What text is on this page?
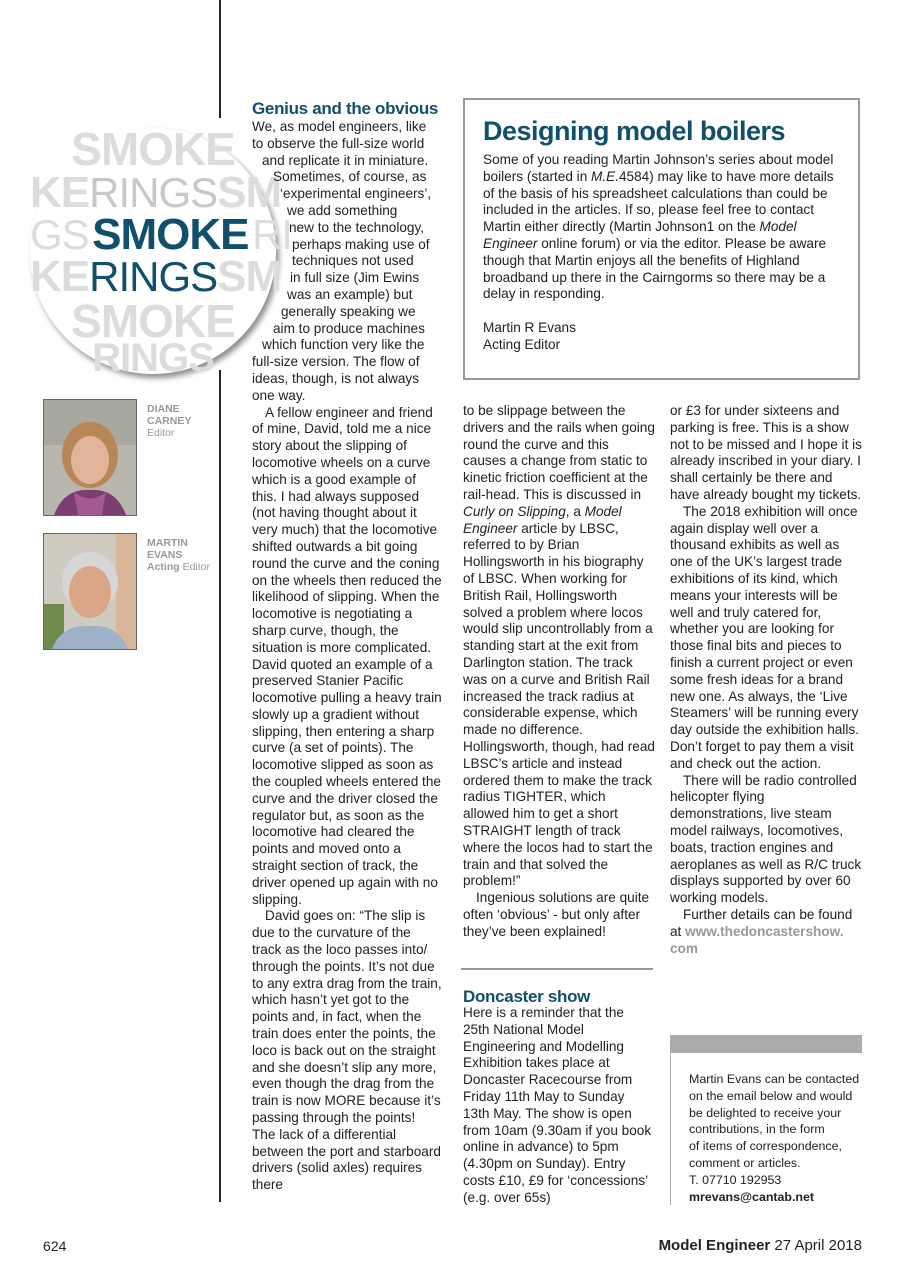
SMOKE
KERINGSSM
GS SMOKE RI
KERINGSSM
SMOKE
RINGS
DIANE
CARNEY
Editor
MARTIN
EVANS
Acting Editor
Genius and the obvious

We, as model engineers, like

to observe the full-size world

and replicate it in miniature.

Sometimes, of course, as

‘experimental engineers’,

we add something

new to the technology,

perhaps making use of

techniques not used

in full size (Jim Ewins

was an example) but

generally speaking we

aim to produce machines

which function very like the

full-size version. The flow of

ideas, though, is not always

one way.

A fellow engineer and friend of mine, David, told me a nice story about the slipping of locomotive wheels on a curve which is a good example of this. I had always supposed (not having thought about it very much) that the locomotive shifted outwards a bit going round the curve and the coning on the wheels then reduced the likelihood of slipping. When the locomotive is negotiating a sharp curve, though, the situation is more complicated. David quoted an example of a preserved Stanier Pacific locomotive pulling a heavy train slowly up a gradient without slipping, then entering a sharp curve (a set of points). The locomotive slipped as soon as the coupled wheels entered the curve and the driver closed the regulator but, as soon as the locomotive had cleared the points and moved onto a straight section of track, the driver opened up again with no slipping.

David goes on: “The slip is due to the curvature of the track as the loco passes into/ through the points. It’s not due to any extra drag from the train, which hasn’t yet got to the points and, in fact, when the train does enter the points, the loco is back out on the straight and she doesn’t slip any more, even though the drag from the train is now MORE because it’s passing through the points! The lack of a differential between the port and starboard drivers (solid axles) requires there

Designing model boilers
Some of you reading Martin Johnson’s series about model boilers (started in M.E.4584) may like to have more details of the basis of his spreadsheet calculations than could be included in the articles. If so, please feel free to contact Martin either directly (Martin Johnson1 on the Model Engineer online forum) or via the editor. Please be aware though that Martin enjoys all the benefits of Highland broadband up there in the Cairngorms so there may be a delay in responding.
Martin R Evans
Acting Editor

to be slippage between the drivers and the rails when going round the curve and this causes a change from static to kinetic friction coefficient at the rail-head. This is discussed in Curly on Slipping, a Model Engineer article by LBSC, referred to by Brian Hollingsworth in his biography of LBSC. When working for British Rail, Hollingsworth solved a problem where locos would slip uncontrollably from a standing start at the exit from Darlington station. The track was on a curve and British Rail increased the track radius at considerable expense, which made no difference. Hollingsworth, though, had read LBSC’s article and instead ordered them to make the track radius TIGHTER, which allowed him to get a short STRAIGHT length of track where the locos had to start the train and that solved the problem!”

Ingenious solutions are quite often ‘obvious’ - but only after they’ve been explained!

Doncaster show

Here is a reminder that the 25th National Model Engineering and Modelling Exhibition takes place at Doncaster Racecourse from Friday 11th May to Sunday 13th May. The show is open from 10am (9.30am if you book online in advance) to 5pm (4.30pm on Sunday). Entry costs £10, £9 for ‘concessions’ (e.g. over 65s)

or £3 for under sixteens and parking is free. This is a show not to be missed and I hope it is already inscribed in your diary. I shall certainly be there and have already bought my tickets.

The 2018 exhibition will once again display well over a thousand exhibits as well as one of the UK’s largest trade exhibitions of its kind, which means your interests will be well and truly catered for, whether you are looking for those final bits and pieces to finish a current project or even some fresh ideas for a brand new one. As always, the ‘Live Steamers’ will be running every day outside the exhibition halls. Don’t forget to pay them a visit and check out the action.

There will be radio controlled helicopter flying demonstrations, live steam model railways, locomotives, boats, traction engines and aeroplanes as well as R/C truck displays supported by over 60 working models.

Further details can be found at www.thedoncastershow. com

Martin Evans can be contacted
on the email below and would
be delighted to receive your
contributions, in the form
of items of correspondence,
comment or articles.
T. 07710 192953
mrevans@cantab.net
624	Model Engineer 27 April 2018
